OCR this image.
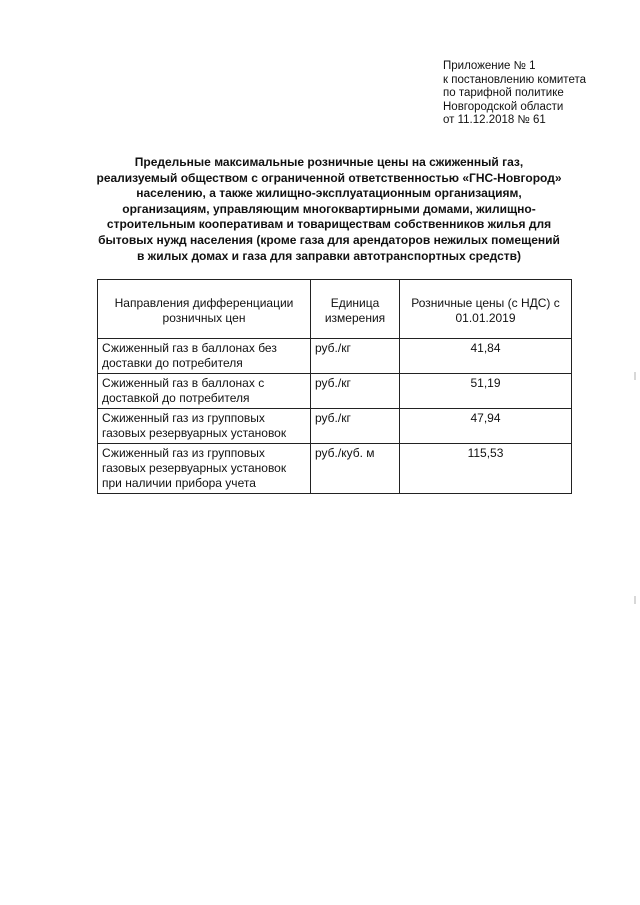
Приложение № 1
к постановлению комитета
по тарифной политике
Новгородской области
от 11.12.2018 № 61
Предельные максимальные розничные цены на сжиженный газ,
реализуемый обществом с ограниченной ответственностью «ГНС-Новгород»
населению, а также жилищно-эксплуатационным организациям,
организациям, управляющим многоквартирными домами, жилищно-
строительным кооперативам и товариществам собственников жилья для
бытовых нужд населения (кроме газа для арендаторов нежилых помещений
в жилых домах и газа для заправки автотранспортных средств)
Направления дифференциации розничных цен	Единица измерения	Розничные цены (с НДС) с 01.01.2019
Сжиженный газ в баллонах без доставки до потребителя	руб./кг	41,84
Сжиженный газ в баллонах с доставкой до потребителя	руб./кг	51,19
Сжиженный газ из групповых газовых резервуарных установок	руб./кг	47,94
Сжиженный газ из групповых газовых резервуарных установок при наличии прибора учета	руб./куб. м	115,53
